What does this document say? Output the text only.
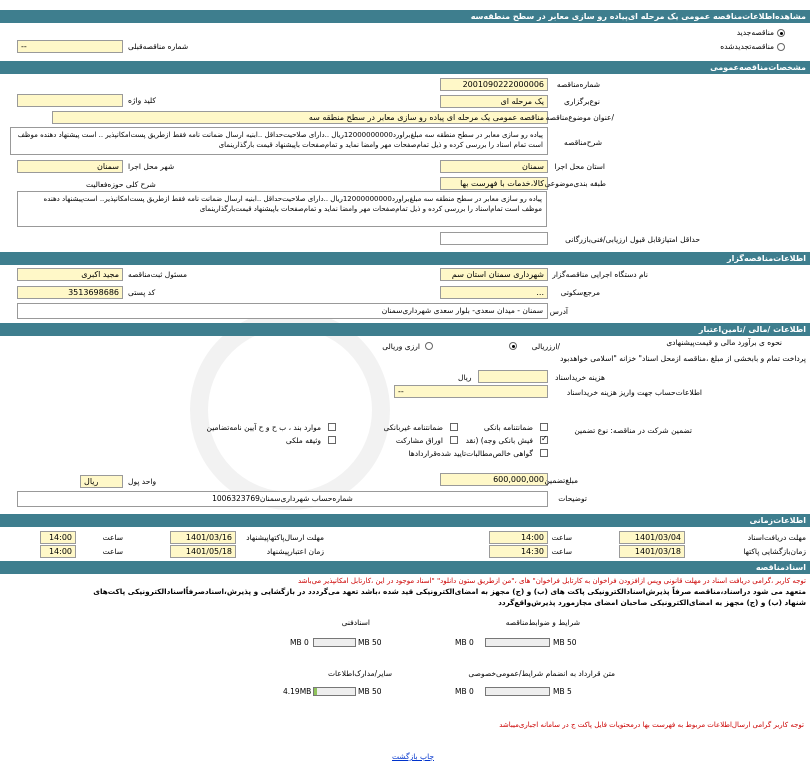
مشاهده‌اطلاعات‌مناقصه عمومی یک مرحله ای‌پیاده رو سازی معابر در سطح منطقه‌سه
مناقصه‌جدید
مناقصه‌تجدیدشده
--	شماره مناقصه‌قبلی
مشخصات‌مناقصه‌عمومی
2001090222000006	شماره‌مناقصه
یک مرحله ای	نوع‌برگزاری
کلید واژه
مناقصه عمومی یک مرحله ای پیاده رو سازی معابر در سطح منطقه سه /عنوان موضوع‌مناقصه
پیاده رو سازی معابر در سطح منطقه سه مبلغ‌براورد12000000000ریال ..دارای صلاحیت‌حداقل ..ابنیه ارسال ضمانت نامه فقط ازطریق پست‌امکانپذیر .. است پیشنهاد دهنده موظف است تمام اسناد را بررسی کرده و ذیل تمام‌صفحات مهر وامضا نماید و تمام‌صفحات باپیشنهاد قیمت بارگذارینمای	شرح‌مناقصه
سمنان	استان محل اجرا
سمنان	شهر محل اجرا
کالا،خدمات با فهرست بها طبقه بندی‌موضوعی
شرح کلی حوزه‌فعالیت
پیاده رو سازی معابر در سطح منطقه سه مبلغ‌براورد12000000000ریال ..دارای صلاحیت‌حداقل ..ابنیه ارسال ضمانت نامه فقط ازطریق پست‌امکانپذیر.. است‌پیشنهاد دهنده موظف است تمام‌اسناد را بررسی کرده و ذیل تمام‌صفحات مهر وامضا نماید و تمام‌صفحات باپیشنهاد قیمت‌بارگذارینمای
حداقل امتیازقابل قبول ارزیابی/فنی‌بازرگانی
اطلاعات‌مناقصه‌گزار
شهرداری سمنان استان سم	نام دستگاه اجرایی مناقصه‌گزار
مجید اکبری	مسئول ثبت‌مناقصه
...	مرجع‌سکوتی
3513698686	کد پستی
سمنان - میدان سعدی- بلوار سعدی شهرداری‌سمنان آدرس
اطلاعات‌ /مالی /تامین‌اعتبار
نحوه ی برآورد مالی و قیمت‌پیشنهادی
/ارزریالی
ارزی وریالی
پرداخت تمام و بابخشی ‌از مبلغ ،مناقصه ازمحل اسناد" خزانه "اسلامی خواهدبود
ریال	هزینه خریداسناد
--	اطلاعات‌حساب جهت واریز هزینه خریداسناد
تضمین شرکت در مناقصه: نوع تضمین
ضمانتنامه بانکی
ضمانتنامه غیربانکی
موارد بند ، ب ح و ح آیین نامه‌تضامین
✓
فیش بانکی وجه) (نقد
اوراق مشارکت
وثیقه ملکی
گواهی خالص‌مطالبات‌تایید شده‌قراردادها
600,000,000 مبلغ‌تضمین
ریال	واحد پول
شماره‌حساب شهرداری‌سمنان1006323769	توضیحات
اطلاعات‌زمانی
1401/03/04	مهلت دریافت‌اسناد
14:00	ساعت
1401/03/16	مهلت ارسال‌پاکتهاپیشنهاد
14:00	ساعت
1401/03/18	زمان‌بازگشایی پاکتها
14:30	ساعت
1401/05/18	زمان اعتبارپیشنهاد
14:00	ساعت
اسناد‌مناقصه
توجه کاربر ،گرامی دریافت اسناد در مهلت قانونی وپس ازافزودن فراخوان به کارتابل فراخوان" های ،"من ازطریق ستون دانلود" "اسناد موجود در این ،کارتابل امکانپذیر می‌باشد
متعهد می شود دراسناد،مناقصه صرفاً پذیرش‌اسنادالکترونیکی پاکت های (ب) و (ج) مجهز به امضای‌الکترونیکی قید شده ،باشد تعهد می‌گرددد در بازگشایی و پذیرش،اسنادصرفاًاسنادالکترونیکی پاکت‌های
شنهاد (ب) و (ج) مجهز به امضای‌الکترونیکی صاحبان امضای مجازمورد پذیرش‌واقع‌گردد
شرایط و ضوابط‌مناقصه
50 MB
0 MB
اسنادفنی
50 MB
0 MB
متن قرارداد به انضمام شرایط/عمومی‌خصوصی
5 MB
0 MB
سایر/مدارک‌اطلاعات
50 MB
4.19MB
توجه کاربر گرامی ارسال‌اطلاعات مربوط به فهرست بها درمحتویات فایل پاکت ج در سامانه اجباری‌میباشد
چاپ بازگشت
